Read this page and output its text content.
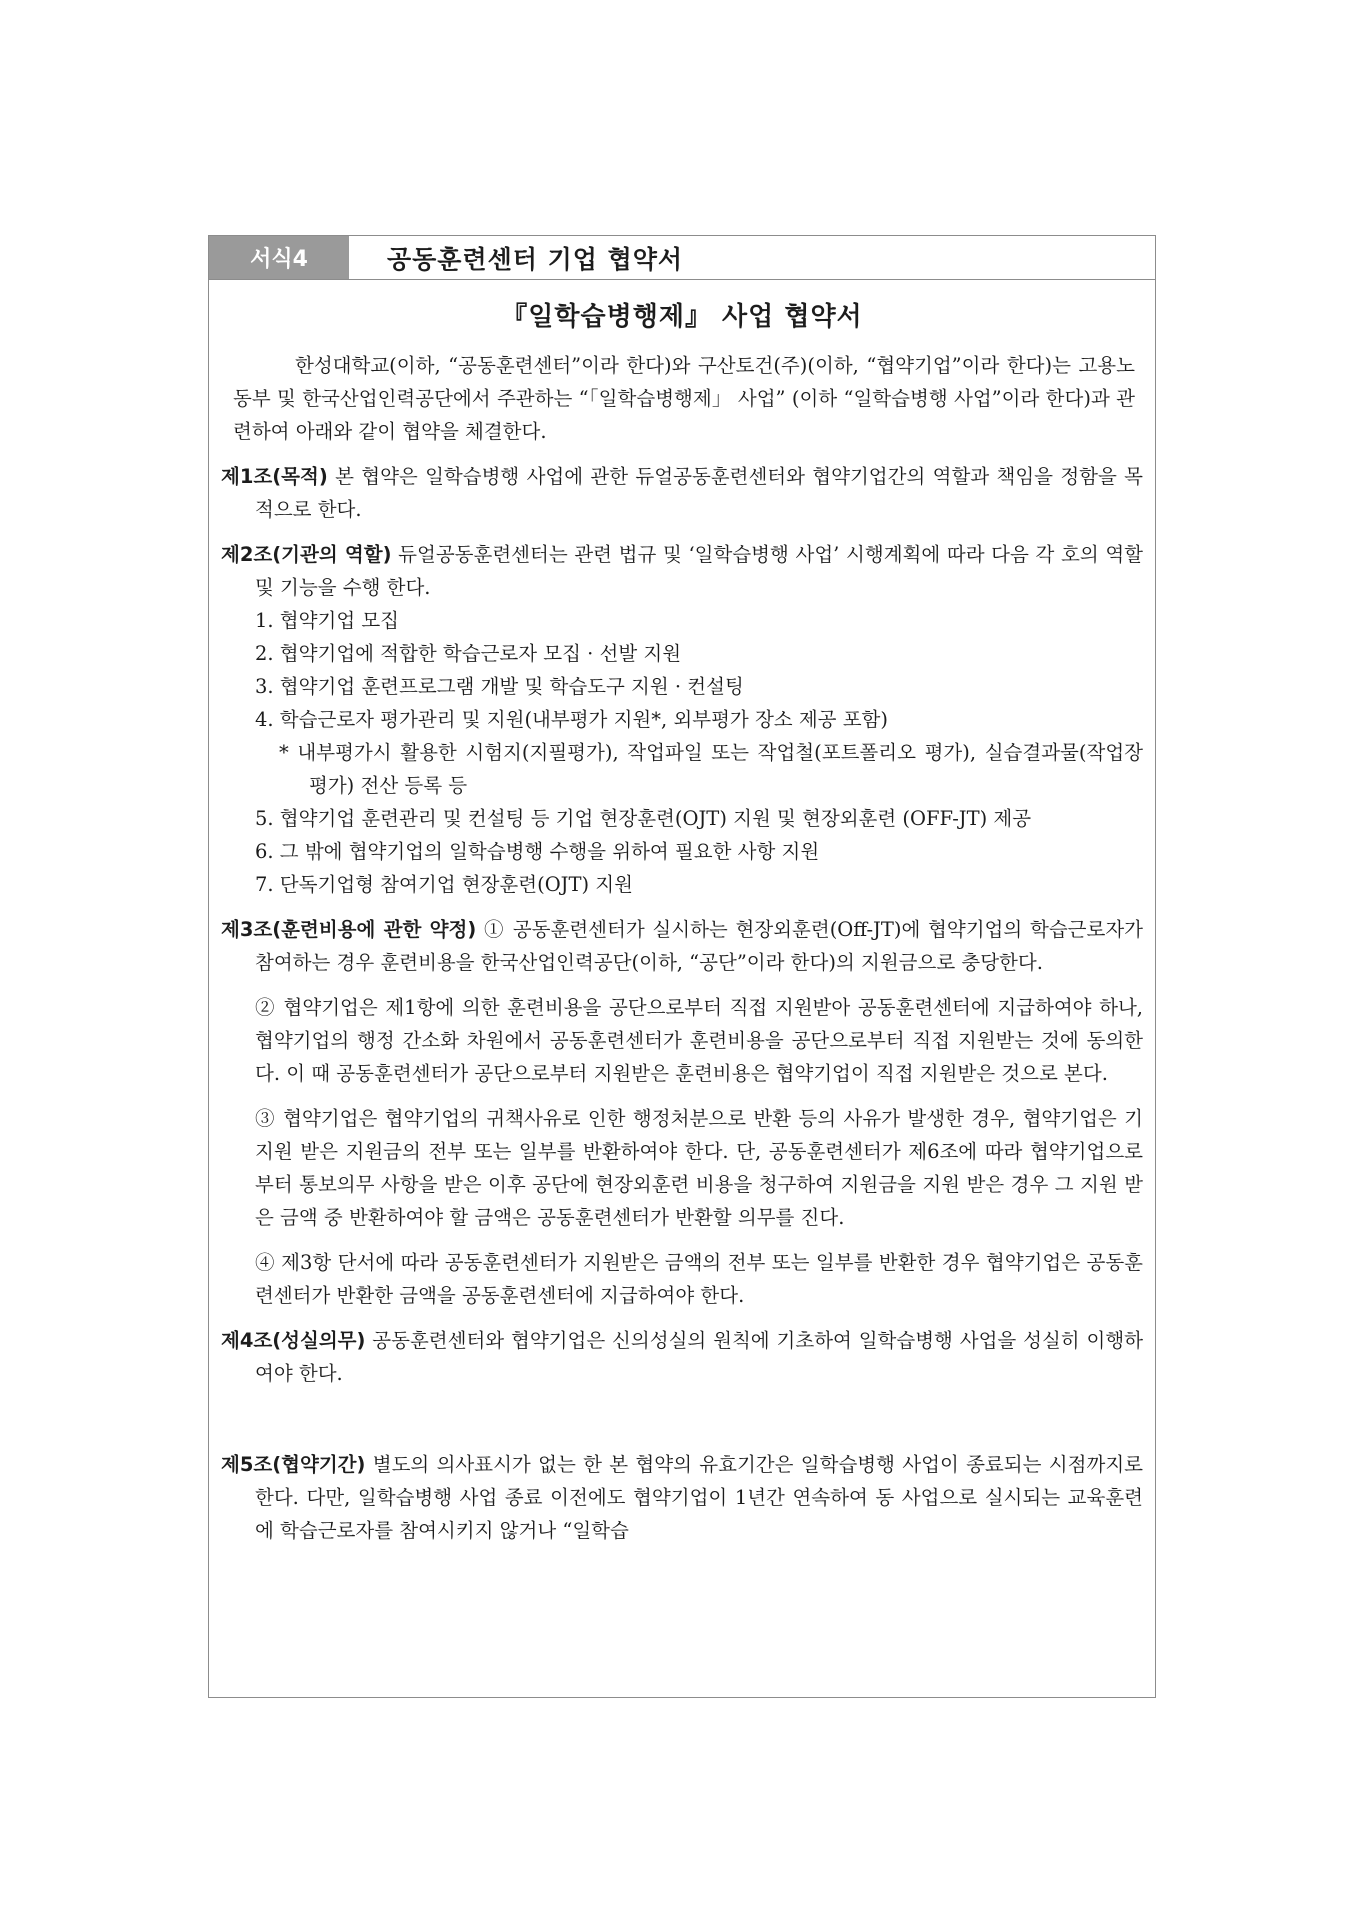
서식4	공동훈련센터 기업 협약서
『일학습병행제』 사업 협약서

한성대학교(이하, “공동훈련센터”이라 한다)와 구산토건(주)(이하, “협약기업”이라 한다)는 고용노동부 및 한국산업인력공단에서 주관하는 “「일학습병행제」 사업” (이하 “일학습병행 사업”이라 한다)과 관련하여 아래와 같이 협약을 체결한다.

제1조(목적) 본 협약은 일학습병행 사업에 관한 듀얼공동훈련센터와 협약기업간의 역할과 책임을 정함을 목적으로 한다.

제2조(기관의 역할) 듀얼공동훈련센터는 관련 법규 및 ‘일학습병행 사업’ 시행계획에 따라 다음 각 호의 역할 및 기능을 수행 한다.

1. 협약기업 모집
2. 협약기업에 적합한 학습근로자 모집 · 선발 지원
3. 협약기업 훈련프로그램 개발 및 학습도구 지원 · 컨설팅
4. 학습근로자 평가관리 및 지원(내부평가 지원*, 외부평가 장소 제공 포함)
* 내부평가시 활용한 시험지(지필평가), 작업파일 또는 작업철(포트폴리오 평가), 실습결과물(작업장 평가) 전산 등록 등
5. 협약기업 훈련관리 및 컨설팅 등 기업 현장훈련(OJT) 지원 및 현장외훈련 (OFF-JT) 제공
6. 그 밖에 협약기업의 일학습병행 수행을 위하여 필요한 사항 지원
7. 단독기업형 참여기업 현장훈련(OJT) 지원

제3조(훈련비용에 관한 약정) ① 공동훈련센터가 실시하는 현장외훈련(Off-JT)에 협약기업의 학습근로자가 참여하는 경우 훈련비용을 한국산업인력공단(이하, “공단”이라 한다)의 지원금으로 충당한다.

② 협약기업은 제1항에 의한 훈련비용을 공단으로부터 직접 지원받아 공동훈련센터에 지급하여야 하나, 협약기업의 행정 간소화 차원에서 공동훈련센터가 훈련비용을 공단으로부터 직접 지원받는 것에 동의한다. 이 때 공동훈련센터가 공단으로부터 지원받은 훈련비용은 협약기업이 직접 지원받은 것으로 본다.

③ 협약기업은 협약기업의 귀책사유로 인한 행정처분으로 반환 등의 사유가 발생한 경우, 협약기업은 기지원 받은 지원금의 전부 또는 일부를 반환하여야 한다. 단, 공동훈련센터가 제6조에 따라 협약기업으로부터 통보의무 사항을 받은 이후 공단에 현장외훈련 비용을 청구하여 지원금을 지원 받은 경우 그 지원 받은 금액 중 반환하여야 할 금액은 공동훈련센터가 반환할 의무를 진다.

④ 제3항 단서에 따라 공동훈련센터가 지원받은 금액의 전부 또는 일부를 반환한 경우 협약기업은 공동훈련센터가 반환한 금액을 공동훈련센터에 지급하여야 한다.

제4조(성실의무) 공동훈련센터와 협약기업은 신의성실의 원칙에 기초하여 일학습병행 사업을 성실히 이행하여야 한다.

제5조(협약기간) 별도의 의사표시가 없는 한 본 협약의 유효기간은 일학습병행 사업이 종료되는 시점까지로 한다. 다만, 일학습병행 사업 종료 이전에도 협약기업이 1년간 연속하여 동 사업으로 실시되는 교육훈련에 학습근로자를 참여시키지 않거나 “일학습
